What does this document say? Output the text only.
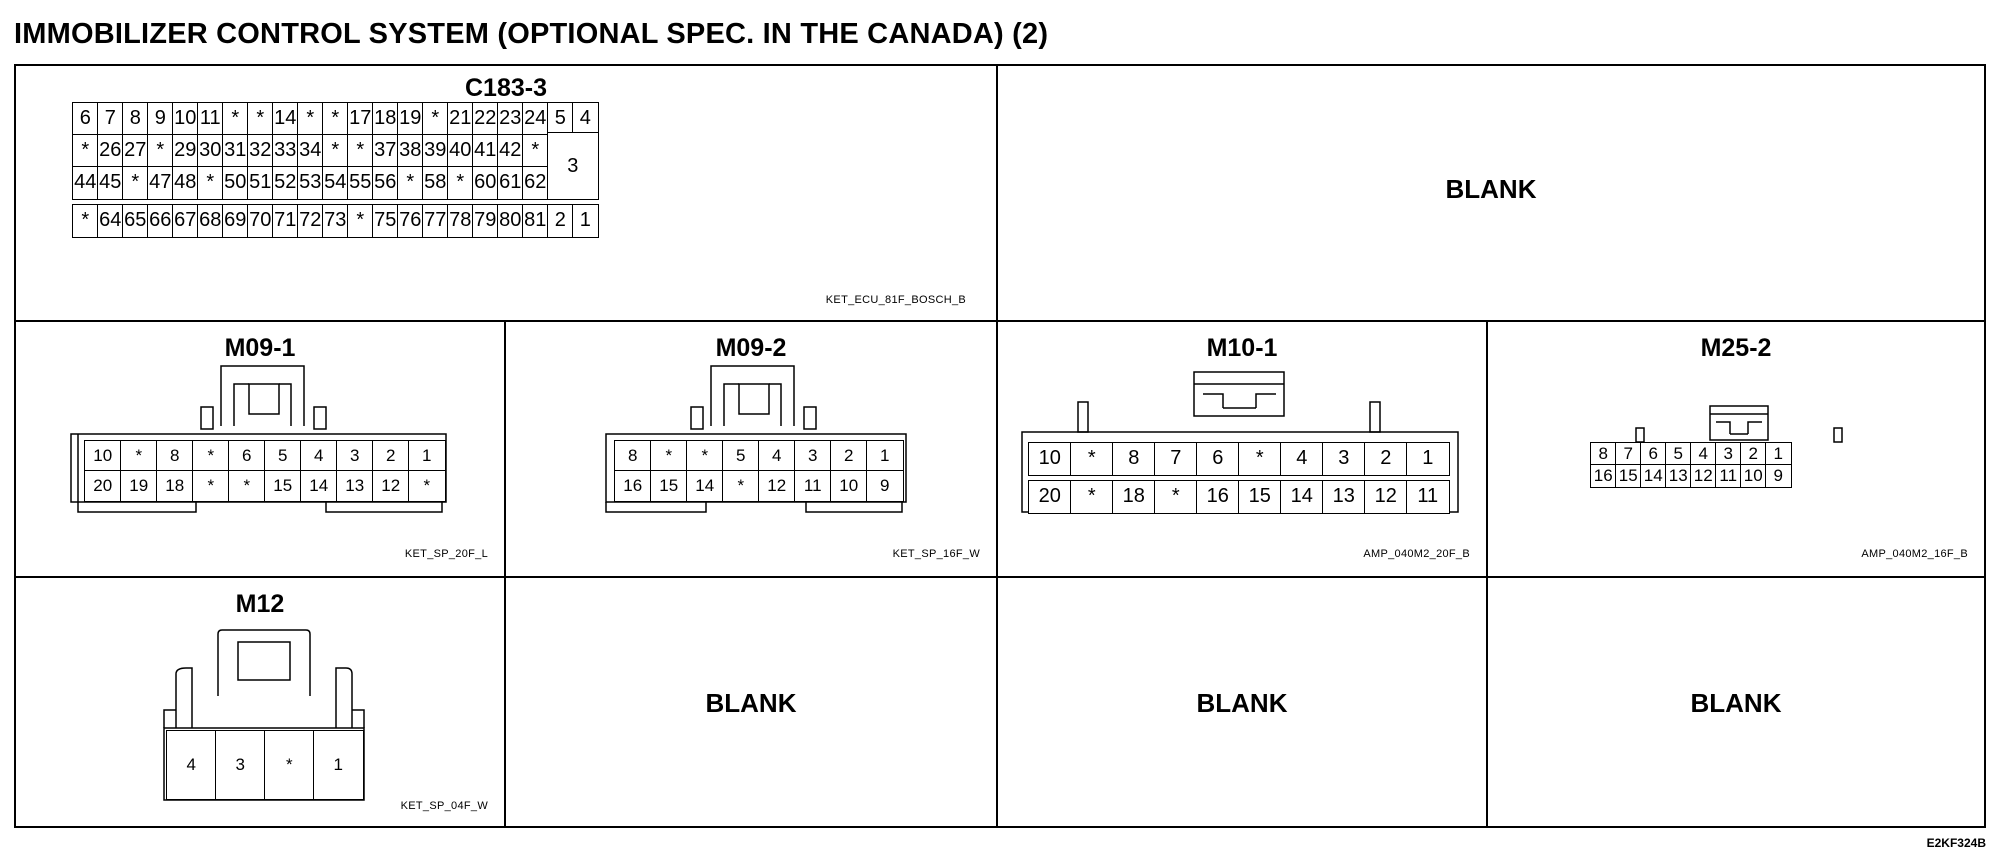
IMMOBILIZER CONTROL SYSTEM (OPTIONAL SPEC. IN THE CANADA) (2)
C183-3
6 7 8 9 10 11 * * 14 * * 17 18 19 * 21 22 23 24
* 26 27 * 29 30 31 32 33 34 * * 37 38 39 40 41 42 *
44 45 * 47 48 * 50 51 52 53 54 55 56 * 58 * 60 61 62
* 64 65 66 67 68 69 70 71 72 73 * 75 76 77 78 79 80 81
5 4
3
2 1
KET_ECU_81F_BOSCH_B
BLANK
M09-1
10 * 8 * 6 5 4 3 2 1
20 19 18 * * 15 14 13 12 *
KET_SP_20F_L
M09-2
8 * * 5 4 3 2 1
16 15 14 * 12 11 10 9
KET_SP_16F_W
M10-1
10 * 8 7 6 * 4 3 2 1
20 * 18 * 16 15 14 13 12 11
AMP_040M2_20F_B
M25-2
8 7 6 5 4 3 2 1
16 15 14 13 12 11 10 9
AMP_040M2_16F_B
M12
4 3 * 1
KET_SP_04F_W
BLANK	BLANK	BLANK
E2KF324B
